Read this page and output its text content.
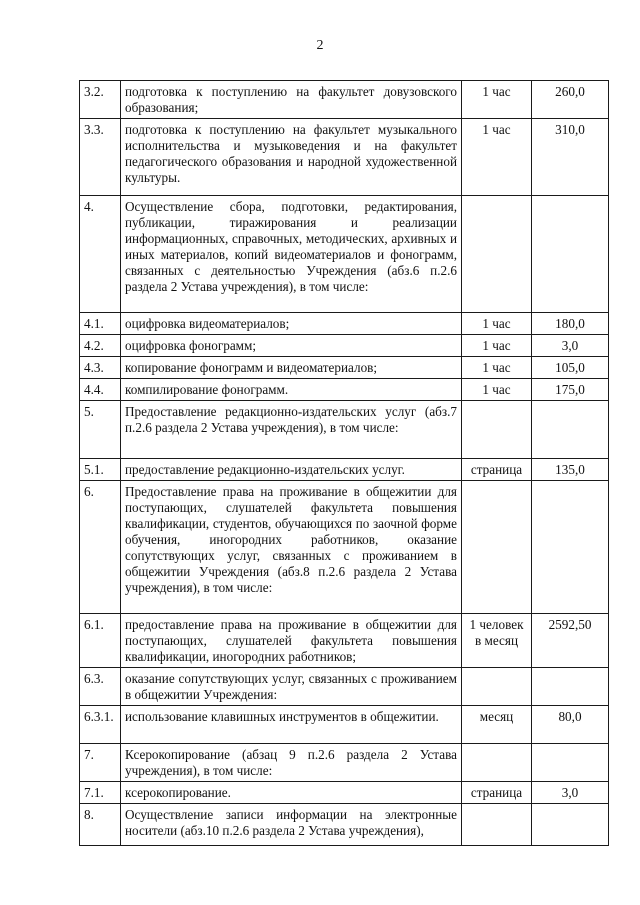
2
3.2.	подготовка к поступлению на факультет довузовского образования;	1 час	260,0
3.3.	подготовка к поступлению на факультет музыкального исполнительства и музыковедения и на факультет педагогического образования и народной художественной культуры.	1 час	310,0
4.	Осуществление сбора, подготовки, редактирования, публикации, тиражирования и реализации информационных, справочных, методических, архивных и иных материалов, копий видеоматериалов и фонограмм, связанных с деятельностью Учреждения (абз.6 п.2.6 раздела 2 Устава учреждения), в том числе:		
4.1.	оцифровка видеоматериалов;	1 час	180,0
4.2.	оцифровка фонограмм;	1 час	3,0
4.3.	копирование фонограмм и видеоматериалов;	1 час	105,0
4.4.	компилирование фонограмм.	1 час	175,0
5.	Предоставление редакционно-издательских услуг (абз.7 п.2.6 раздела 2 Устава учреждения), в том числе:		
5.1.	предоставление редакционно-издательских услуг.	страница	135,0
6.	Предоставление права на проживание в общежитии для поступающих, слушателей факультета повышения квалификации, студентов, обучающихся по заочной форме обучения, иногородних работников, оказание сопутствующих услуг, связанных с проживанием в общежитии Учреждения (абз.8 п.2.6 раздела 2 Устава учреждения), в том числе:		
6.1.	предоставление права на проживание в общежитии для поступающих, слушателей факультета повышения квалификации, иногородних работников;	1 человек в месяц	2592,50
6.3.	оказание сопутствующих услуг, связанных с проживанием в общежитии Учреждения:		
6.3.1.	использование клавишных инструментов в общежитии.	месяц	80,0
7.	Ксерокопирование (абзац 9 п.2.6 раздела 2 Устава учреждения), в том числе:		
7.1.	ксерокопирование.	страница	3,0
8.	Осуществление записи информации на электронные носители (абз.10 п.2.6 раздела 2 Устава учреждения),		
